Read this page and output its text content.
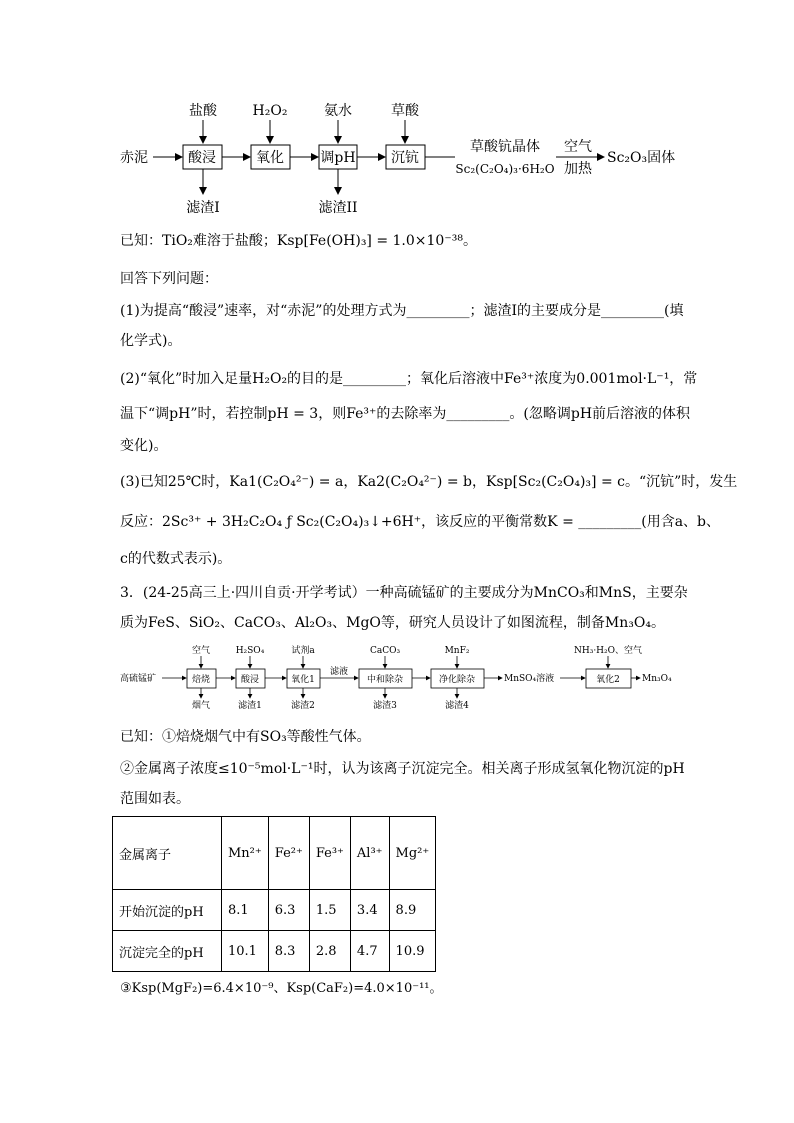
赤泥
盐酸	H₂O₂	氨水	草酸
酸浸	氧化	调pH	沉钪
滤渣I	滤渣II
草酸钪晶体
Sc₂(C₂O₄)₃·6H₂O
空气
加热
Sc₂O₃固体
已知：TiO₂难溶于盐酸；Ksp[Fe(OH)₃] = 1.0×10⁻³⁸。
回答下列问题：
(1)为提高“酸浸”速率，对“赤泥”的处理方式为_________；滤渣I的主要成分是_________(填
化学式)。
(2)“氧化”时加入足量H₂O₂的目的是_________；氧化后溶液中Fe³⁺浓度为0.001mol·L⁻¹，常
温下“调pH”时，若控制pH = 3，则Fe³⁺的去除率为_________。(忽略调pH前后溶液的体积
变化)。
(3)已知25℃时，Ka1(C₂O₄²⁻) = a，Ka2(C₂O₄²⁻) = b，Ksp[Sc₂(C₂O₄)₃] = c。“沉钪”时，发生
反应：2Sc³⁺ + 3H₂C₂O₄ ƒ Sc₂(C₂O₄)₃↓+6H⁺，该反应的平衡常数K = _________(用含a、b、
c的代数式表示)。
3．(24-25高三上·四川自贡·开学考试）一种高硫锰矿的主要成分为MnCO₃和MnS，主要杂
质为FeS、SiO₂、CaCO₃、Al₂O₃、MgO等，研究人员设计了如图流程，制备Mn₃O₄。
高硫锰矿	焙烧	酸浸	氧化1	中和除杂	净化除杂	氧化2
空气	H₂SO₄	试剂a	CaCO₃	MnF₂	NH₃·H₂O、空气
烟气	滤渣1	滤渣2	滤渣3	滤渣4
滤液
MnSO₄溶液	Mn₃O₄
已知：①焙烧烟气中有SO₃等酸性气体。
②金属离子浓度≤10⁻⁵mol·L⁻¹时，认为该离子沉淀完全。相关离子形成氢氧化物沉淀的pH
范围如表。
金属离子	Mn²⁺	Fe²⁺	Fe³⁺	Al³⁺	Mg²⁺
开始沉淀的pH	8.1	6.3	1.5	3.4	8.9
沉淀完全的pH	10.1	8.3	2.8	4.7	10.9
③Ksp(MgF₂)=6.4×10⁻⁹、Ksp(CaF₂)=4.0×10⁻¹¹。
